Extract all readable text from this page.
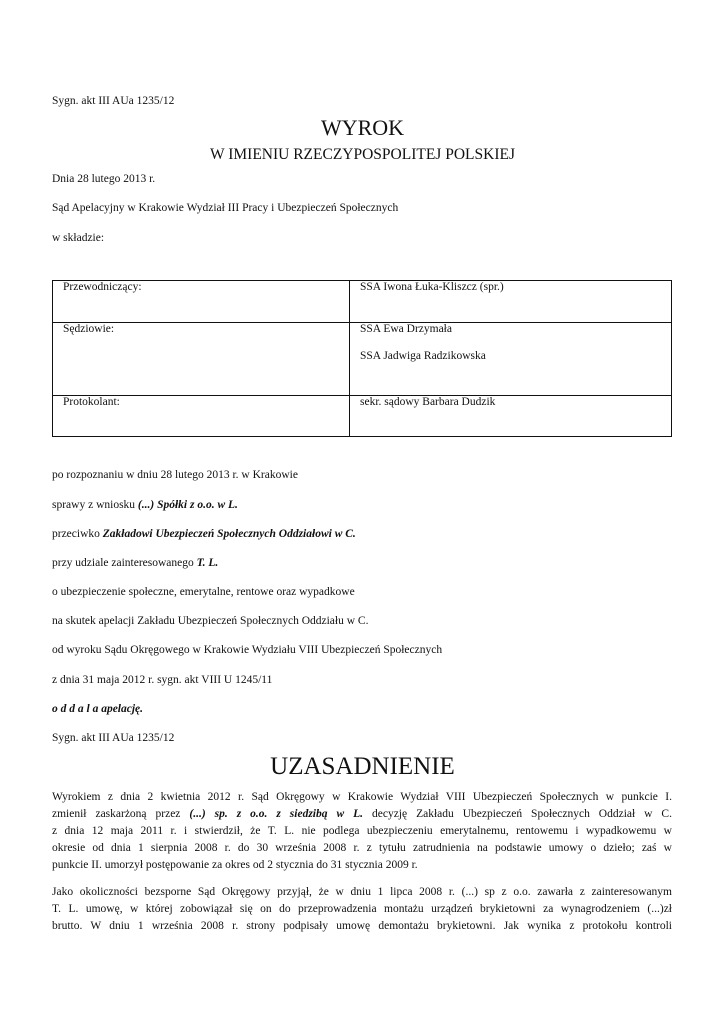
Sygn. akt III AUa 1235/12
WYROK
W IMIENIU RZECZYPOSPOLITEJ POLSKIEJ
Dnia 28 lutego 2013 r.
Sąd Apelacyjny w Krakowie Wydział III Pracy i Ubezpieczeń Społecznych
w składzie:
Przewodniczący:	SSA Iwona Łuka-Kliszcz (spr.)
Sędziowie:	SSA Ewa Drzymała
SSA Jadwiga Radzikowska

Protokolant:	sekr. sądowy Barbara Dudzik
po rozpoznaniu w dniu 28 lutego 2013 r. w Krakowie
sprawy z wniosku (...) Spółki z o.o. w L.
przeciwko Zakładowi Ubezpieczeń Społecznych Oddziałowi w C.
przy udziale zainteresowanego T. L.
o ubezpieczenie społeczne, emerytalne, rentowe oraz wypadkowe
na skutek apelacji Zakładu Ubezpieczeń Społecznych Oddziału w C.
od wyroku Sądu Okręgowego w Krakowie Wydziału VIII Ubezpieczeń Społecznych
z dnia 31 maja 2012 r. sygn. akt VIII U 1245/11
o d d a l a apelację.
Sygn. akt III AUa 1235/12
UZASADNIENIE
Wyrokiem z dnia 2 kwietnia 2012 r. Sąd Okręgowy w Krakowie Wydział VIII Ubezpieczeń Społecznych w punkcie I.
zmienił zaskarżoną przez (...) sp. z o.o. z siedzibą w L. decyzję Zakładu Ubezpieczeń Społecznych Oddział w C.
z dnia 12 maja 2011 r. i stwierdził, że T. L. nie podlega ubezpieczeniu emerytalnemu, rentowemu i wypadkowemu w
okresie od dnia 1 sierpnia 2008 r. do 30 września 2008 r. z tytułu zatrudnienia na podstawie umowy o dzieło; zaś w
punkcie II. umorzył postępowanie za okres od 2 stycznia do 31 stycznia 2009 r.
Jako okoliczności bezsporne Sąd Okręgowy przyjął, że w dniu 1 lipca 2008 r. (...) sp z o.o. zawarła z zainteresowanym
T. L. umowę, w której zobowiązał się on do przeprowadzenia montażu urządzeń brykietowni za wynagrodzeniem (...)zł
brutto. W dniu 1 września 2008 r. strony podpisały umowę demontażu brykietowni. Jak wynika z protokołu kontroli
